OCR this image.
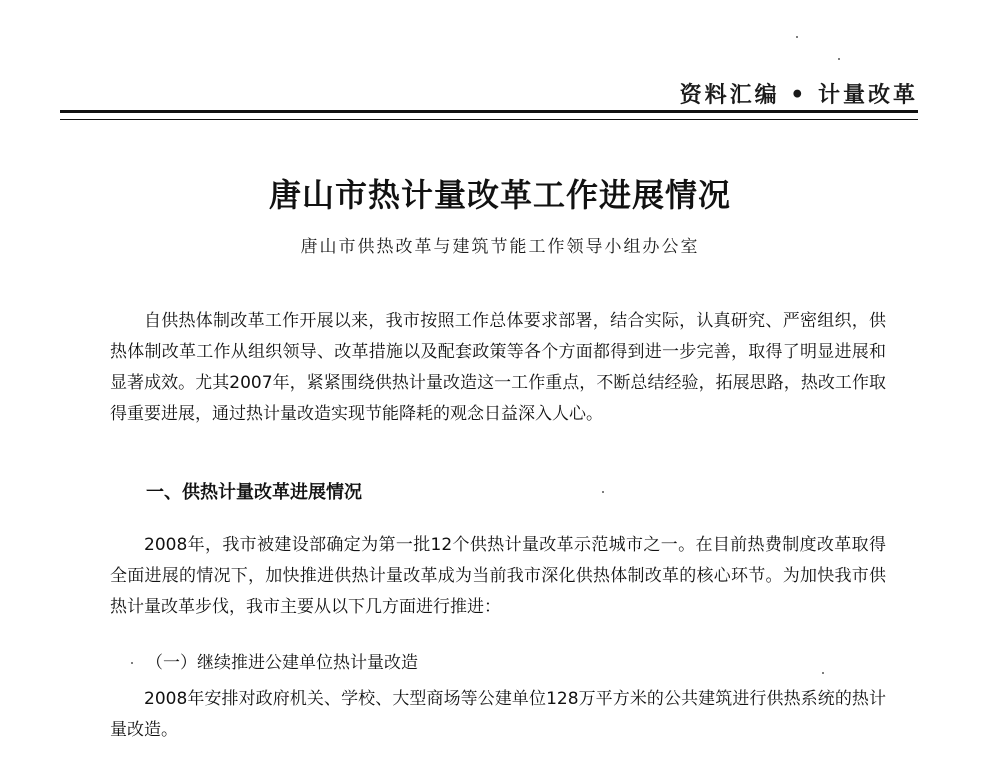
资料汇编 • 计量改革
唐山市热计量改革工作进展情况
唐山市供热改革与建筑节能工作领导小组办公室

自供热体制改革工作开展以来，我市按照工作总体要求部署，结合实际，认真研究、严密组织，供热体制改革工作从组织领导、改革措施以及配套政策等各个方面都得到进一步完善，取得了明显进展和显著成效。尤其2007年，紧紧围绕供热计量改造这一工作重点，不断总结经验，拓展思路，热改工作取得重要进展，通过热计量改造实现节能降耗的观念日益深入人心。

一、供热计量改革进展情况

2008年，我市被建设部确定为第一批12个供热计量改革示范城市之一。在目前热费制度改革取得全面进展的情况下，加快推进供热计量改革成为当前我市深化供热体制改革的核心环节。为加快我市供热计量改革步伐，我市主要从以下几方面进行推进：

（一）继续推进公建单位热计量改造

2008年安排对政府机关、学校、大型商场等公建单位128万平方米的公共建筑进行供热系统的热计量改造。
